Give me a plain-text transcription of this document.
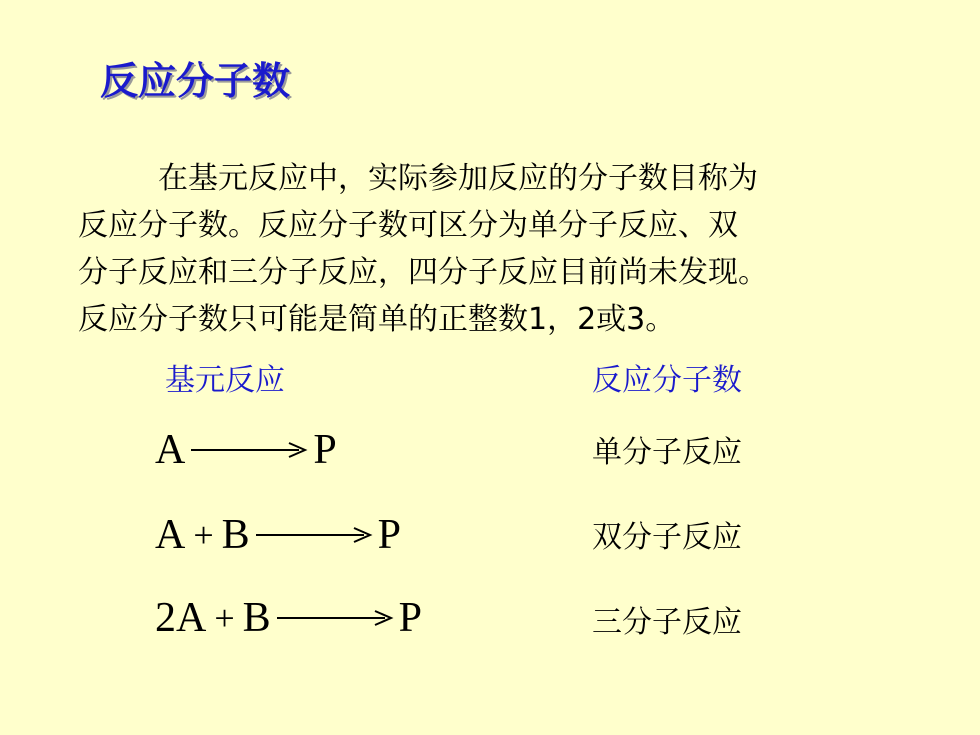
反应分子数
在基元反应中，实际参加反应的分子数目称为
反应分子数。反应分子数可区分为单分子反应、双
分子反应和三分子反应，四分子反应目前尚未发现。
反应分子数只可能是简单的正整数1，2或3。
基元反应	反应分子数
A → P	单分子反应
A + B → P	双分子反应
2A + B → P	三分子反应
